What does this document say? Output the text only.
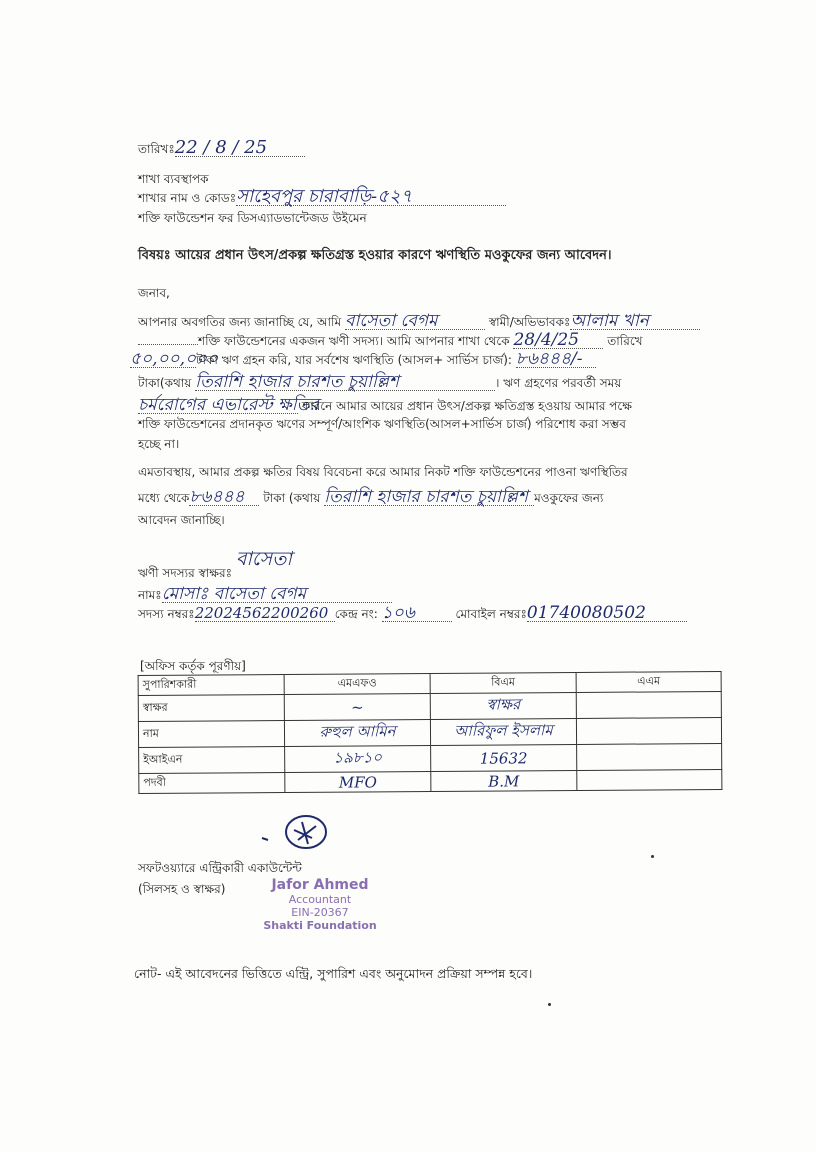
তারিখঃ22 / 8 / 25
শাখা ব্যবস্থাপক
শাখার নাম ও কোডঃসাহেবপুর চারাবাড়ি-৫২৭
শক্তি ফাউন্ডেশন ফর ডিসএ্যাডভান্টেজড উইমেন
বিষয়ঃ আয়ের প্রধান উৎস/প্রকল্প ক্ষতিগ্রস্ত হওয়ার কারণে ঋণস্থিতি মওকুফের জন্য আবেদন।
জনাব,
আপনার অবগতির জন্য জানাচ্ছি যে, আমি বাসেতা বেগম	স্বামী/অভিভাবকঃআলাম খান
শক্তি ফাউন্ডেশনের একজন ঋণী সদস্য। আমি আপনার শাখা থেকে 28/4/25 তারিখে
৫০,০০,০০০টাকা ঋণ গ্রহন করি, যার সর্বশেষ ঋণস্থিতি (আসল+ সার্ভিস চার্জ): ৮৬৪৪৪/-
টাকা(কথায় তিরাশি হাজার চারশত চুয়াল্লিশ	। ঋণ গ্রহণের পরবর্তী সময়
চর্মরোগের এভারেস্ট ক্ষতির কারনে আমার আয়ের প্রধান উৎস/প্রকল্প ক্ষতিগ্রস্ত হওয়ায় আমার পক্ষে
শক্তি ফাউন্ডেশনের প্রদানকৃত ঋণের সম্পূর্ণ/আংশিক ঋণস্থিতি(আসল+সার্ভিস চার্জ) পরিশোধ করা সম্ভব
হচ্ছে না।
এমতাবস্থায়, আমার প্রকল্প ক্ষতির বিষয় বিবেচনা করে আমার নিকট শক্তি ফাউন্ডেশনের পাওনা ঋণস্থিতির
মধ্যে থেকে৮৬৪৪৪ টাকা (কথায় তিরাশি হাজার চারশত চুয়াল্লিশ মওকুফের জন্য
আবেদন জানাচ্ছি।
ঋণী সদস্যর স্বাক্ষরঃ বাসেতা
নামঃমোসাঃ বাসেতা বেগম
সদস্য নম্বরঃ22024562200260 কেন্দ্র নং: ১০৬	মোবাইল নম্বরঃ01740080502
[অফিস কর্তৃক পূরণীয়]
সুপারিশকারী	এমএফও	বিএম	এএম
স্বাক্ষর	~	স্বাক্ষর	
নাম	রুহুল আমিন	আরিফুল ইসলাম	
ইআইএন	১৯৮১০	15632	
পদবী	MFO	B.M	
সফটওয়্যারে এন্ট্রিকারী একাউন্টেন্ট
(সিলসহ ও স্বাক্ষর)	Jafor Ahmed
Accountant
EIN-20367
Shakti Foundation
নোট- এই আবেদনের ভিত্তিতে এন্ট্রি, সুপারিশ এবং অনুমোদন প্রক্রিয়া সম্পন্ন হবে।
